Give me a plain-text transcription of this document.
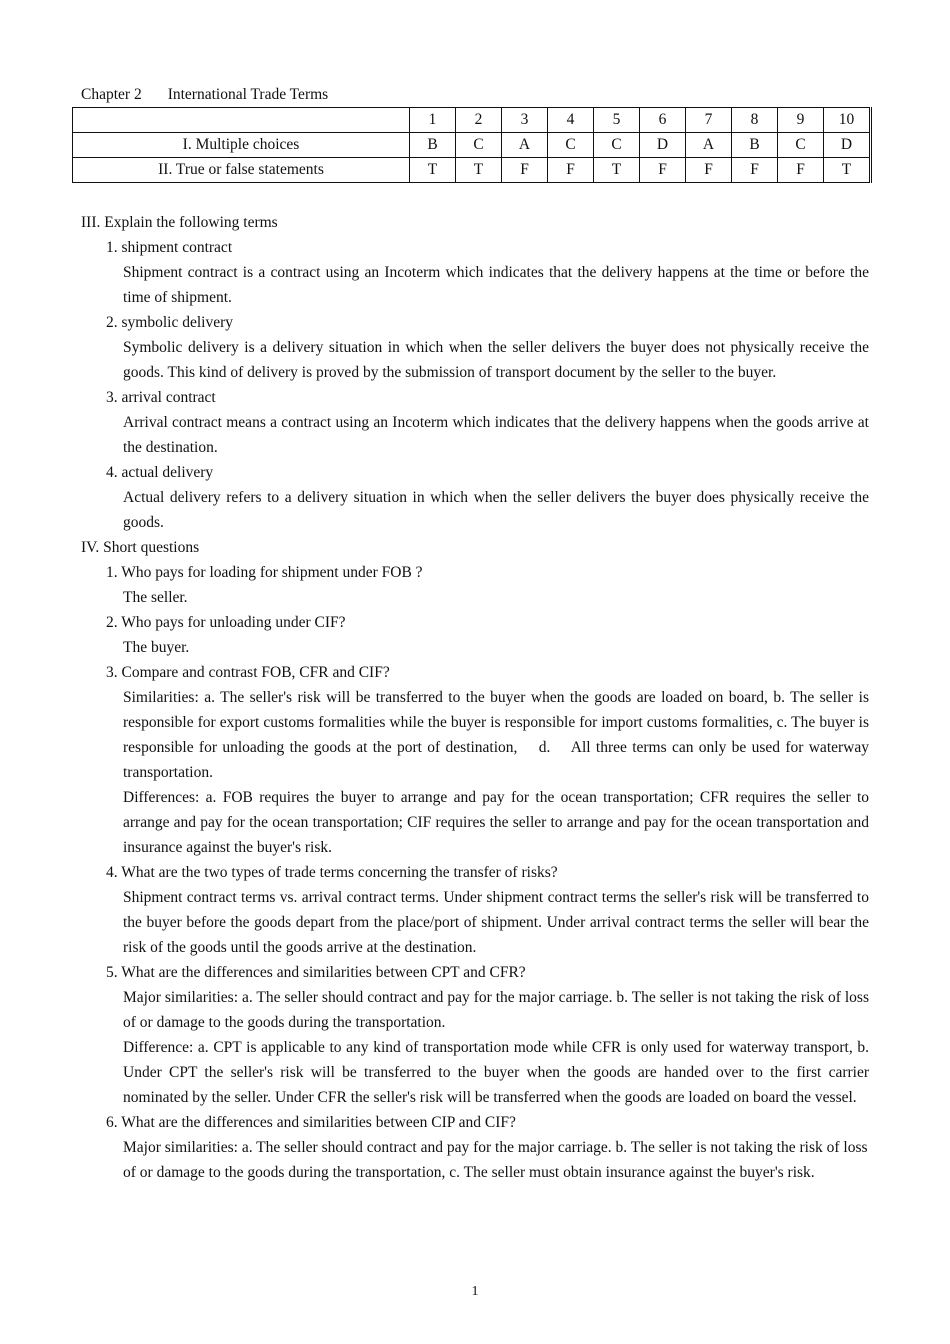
Chapter 2 International Trade Terms
	1	2	3	4	5	6	7	8	9	10
I. Multiple choices	B	C	A	C	C	D	A	B	C	D
II. True or false statements	T	T	F	F	T	F	F	F	F	T
III. Explain the following terms
1. shipment contract
Shipment contract is a contract using an Incoterm which indicates that the delivery happens at the time or before the time of shipment.
2. symbolic delivery
Symbolic delivery is a delivery situation in which when the seller delivers the buyer does not physically receive the goods. This kind of delivery is proved by the submission of transport document by the seller to the buyer.
3. arrival contract
Arrival contract means a contract using an Incoterm which indicates that the delivery happens when the goods arrive at the destination.
4. actual delivery
Actual delivery refers to a delivery situation in which when the seller delivers the buyer does physically receive the goods.
IV. Short questions
1. Who pays for loading for shipment under FOB ?
The seller.
2. Who pays for unloading under CIF?
The buyer.
3. Compare and contrast FOB, CFR and CIF?
Similarities: a. The seller's risk will be transferred to the buyer when the goods are loaded on board, b. The seller is responsible for export customs formalities while the buyer is responsible for import customs formalities, c. The buyer is responsible for unloading the goods at the port of destination,    d.    All three terms can only be used for waterway transportation.
Differences: a. FOB requires the buyer to arrange and pay for the ocean transportation; CFR requires the seller to arrange and pay for the ocean transportation; CIF requires the seller to arrange and pay for the ocean transportation and insurance against the buyer's risk.
4. What are the two types of trade terms concerning the transfer of risks?
Shipment contract terms vs. arrival contract terms. Under shipment contract terms the seller's risk will be transferred to the buyer before the goods depart from the place/port of shipment. Under arrival contract terms the seller will bear the risk of the goods until the goods arrive at the destination.
5. What are the differences and similarities between CPT and CFR?
Major similarities: a. The seller should contract and pay for the major carriage. b. The seller is not taking the risk of loss of or damage to the goods during the transportation.
Difference: a. CPT is applicable to any kind of transportation mode while CFR is only used for waterway transport, b. Under CPT the seller's risk will be transferred to the buyer when the goods are handed over to the first carrier nominated by the seller. Under CFR the seller's risk will be transferred when the goods are loaded on board the vessel.
6. What are the differences and similarities between CIP and CIF?
Major similarities: a. The seller should contract and pay for the major carriage. b. The seller is not taking the risk of loss of or damage to the goods during the transportation, c. The seller must obtain insurance against the buyer's risk.
1
